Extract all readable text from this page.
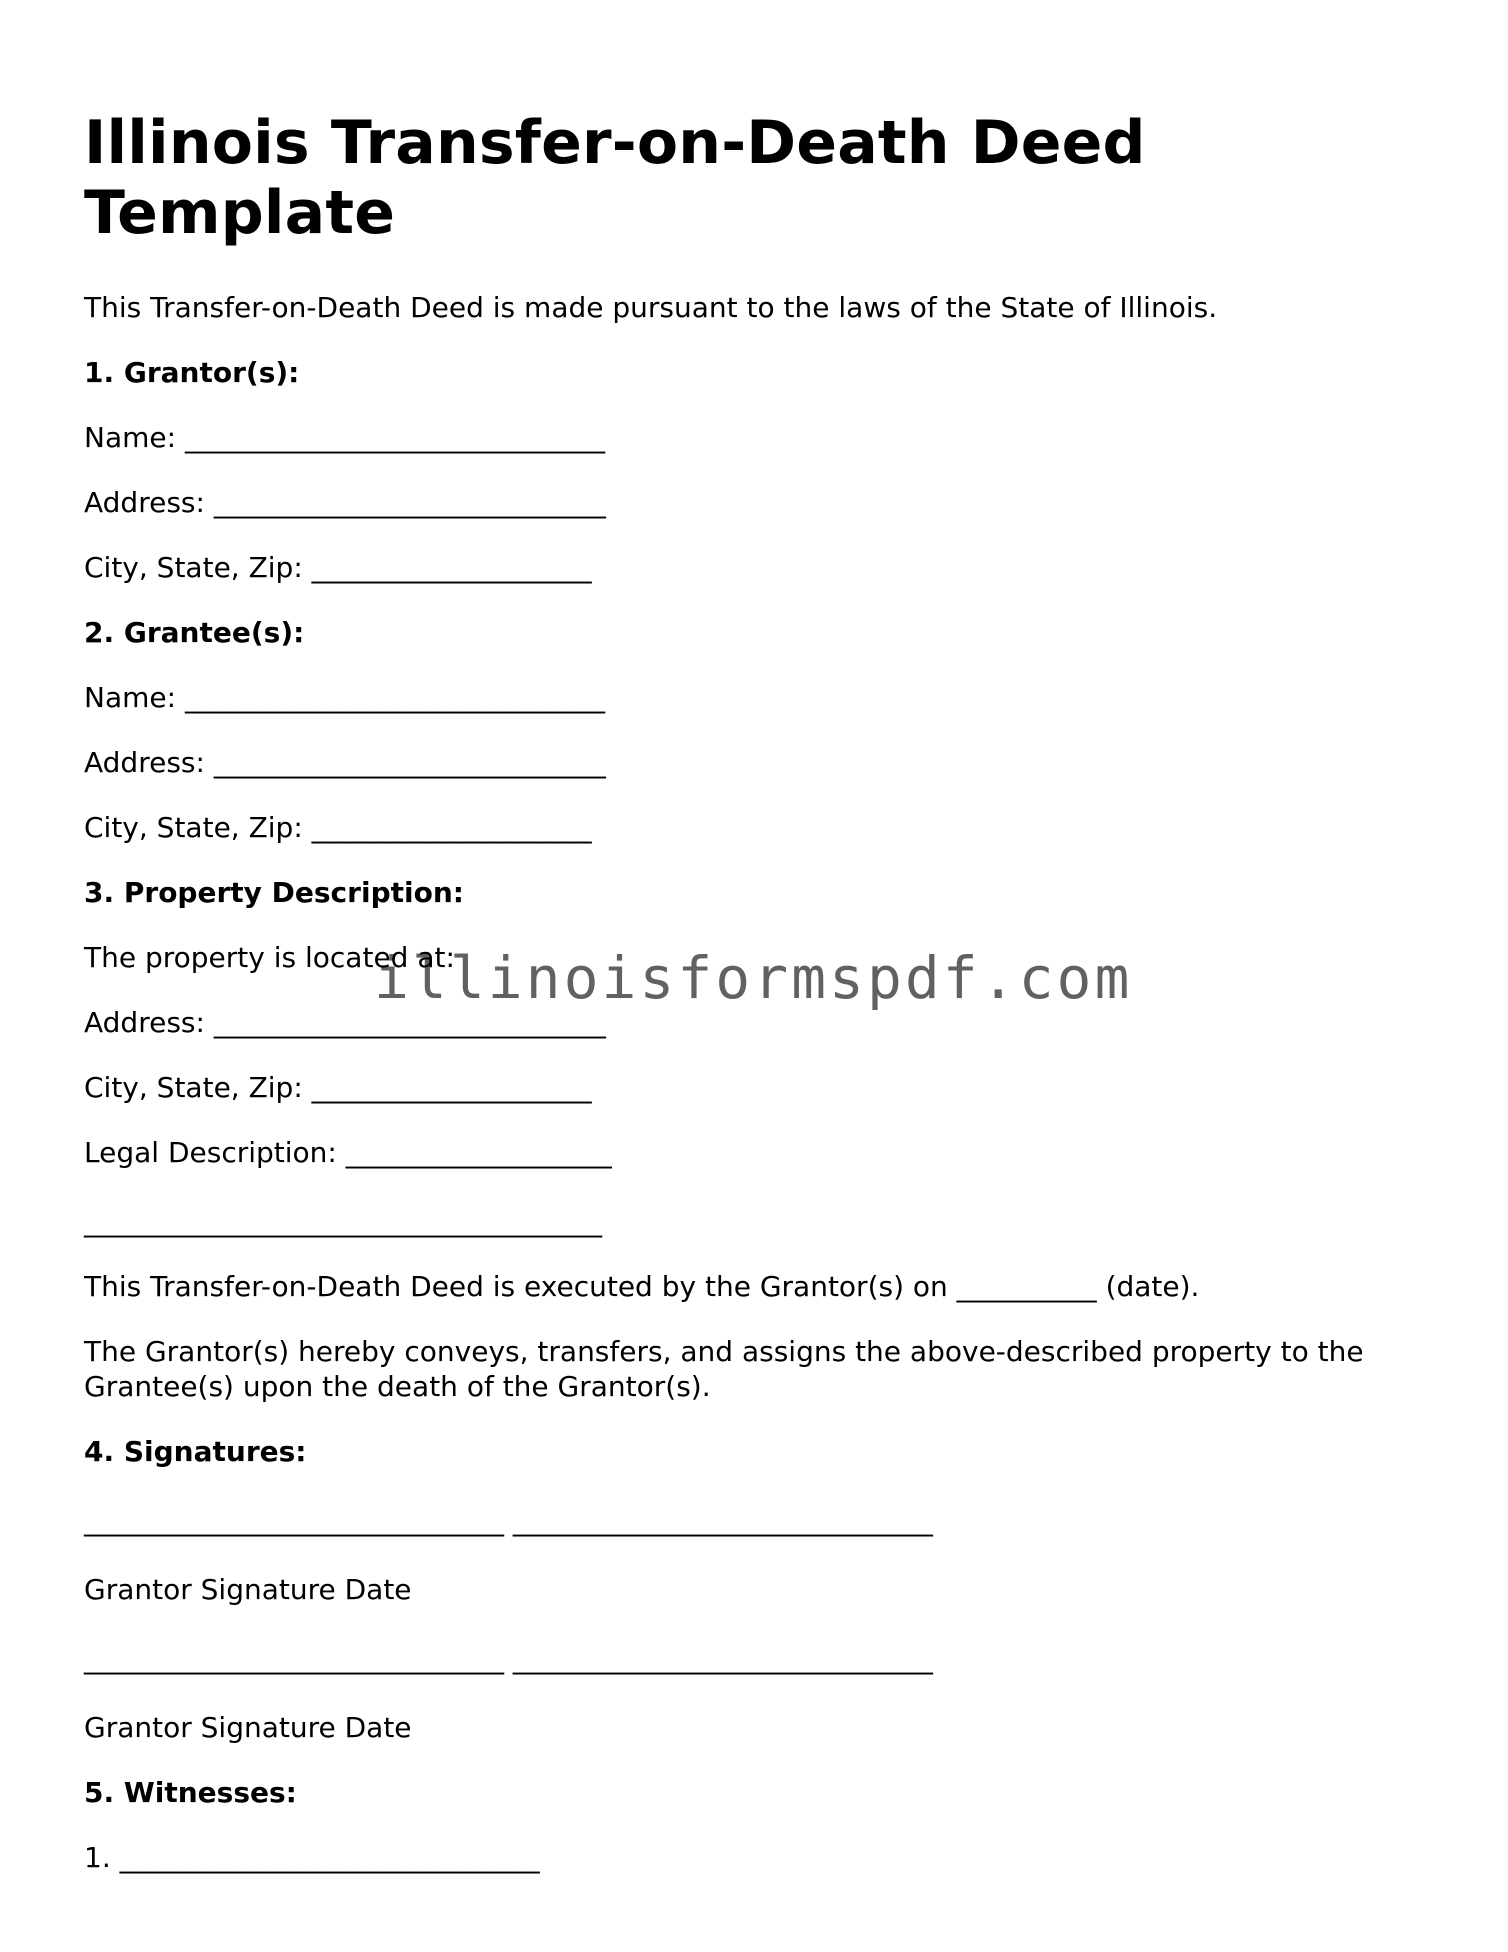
Illinois Transfer-on-Death Deed Template

This Transfer-on-Death Deed is made pursuant to the laws of the State of Illinois.

1. Grantor(s):

Name: ______________________________

Address: ____________________________

City, State, Zip: ____________________

2. Grantee(s):

Name: ______________________________

Address: ____________________________

City, State, Zip: ____________________

3. Property Description:

The property is located at:

Address: ____________________________

City, State, Zip: ____________________

Legal Description: ___________________

_____________________________________

This Transfer-on-Death Deed is executed by the Grantor(s) on __________ (date).

The Grantor(s) hereby conveys, transfers, and assigns the above-described property to the Grantee(s) upon the death of the Grantor(s).

4. Signatures:

______________________________ ______________________________

Grantor Signature Date

______________________________ ______________________________

Grantor Signature Date

5. Witnesses:

1. ______________________________

illinoisformspdf.com
